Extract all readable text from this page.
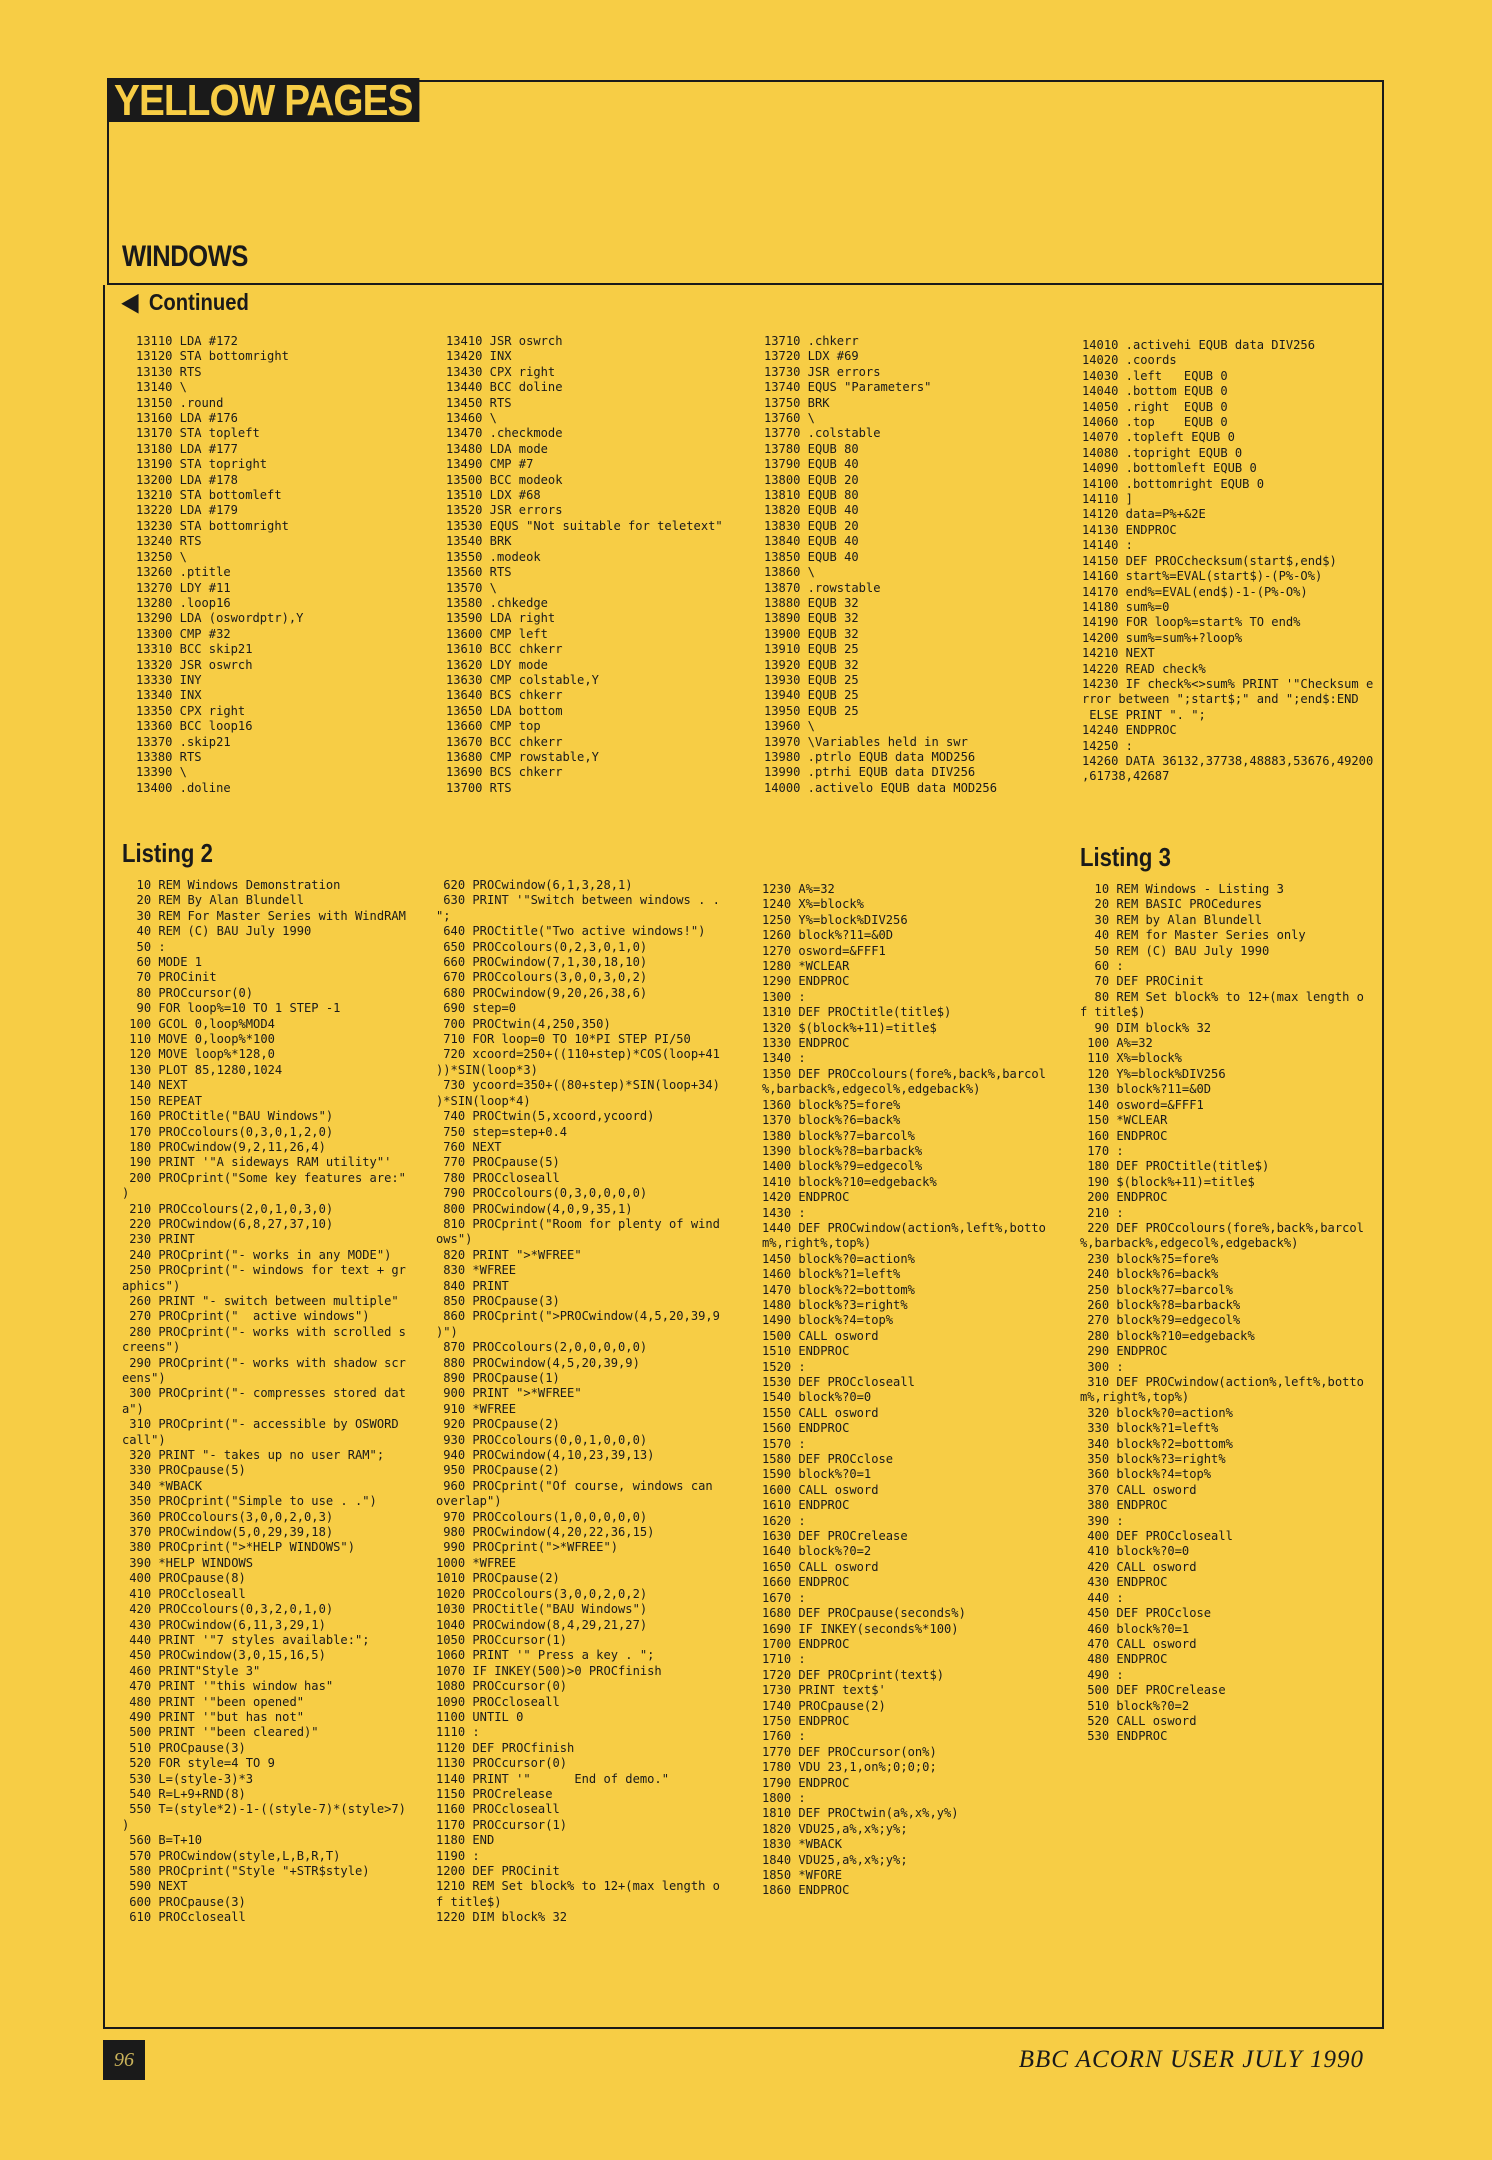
YELLOW PAGES
WINDOWS
◀ Continued
13110 LDA #172
13120 STA bottomright
13130 RTS
13140 \
13150 .round
13160 LDA #176
13170 STA topleft
13180 LDA #177
13190 STA topright
13200 LDA #178
13210 STA bottomleft
13220 LDA #179
13230 STA bottomright
13240 RTS
13250 \
13260 .ptitle
13270 LDY #11
13280 .loop16
13290 LDA (oswordptr),Y
13300 CMP #32
13310 BCC skip21
13320 JSR oswrch
13330 INY
13340 INX
13350 CPX right
13360 BCC loop16
13370 .skip21
13380 RTS
13390 \
13400 .doline
13410 JSR oswrch
13420 INX
13430 CPX right
13440 BCC doline
13450 RTS
13460 \
13470 .checkmode
13480 LDA mode
13490 CMP #7
13500 BCC modeok
13510 LDX #68
13520 JSR errors
13530 EQUS "Not suitable for teletext"
13540 BRK
13550 .modeok
13560 RTS
13570 \
13580 .chkedge
13590 LDA right
13600 CMP left
13610 BCC chkerr
13620 LDY mode
13630 CMP colstable,Y
13640 BCS chkerr
13650 LDA bottom
13660 CMP top
13670 BCC chkerr
13680 CMP rowstable,Y
13690 BCS chkerr
13700 RTS
13710 .chkerr
13720 LDX #69
13730 JSR errors
13740 EQUS "Parameters"
13750 BRK
13760 \
13770 .colstable
13780 EQUB 80
13790 EQUB 40
13800 EQUB 20
13810 EQUB 80
13820 EQUB 40
13830 EQUB 20
13840 EQUB 40
13850 EQUB 40
13860 \
13870 .rowstable
13880 EQUB 32
13890 EQUB 32
13900 EQUB 32
13910 EQUB 25
13920 EQUB 32
13930 EQUB 25
13940 EQUB 25
13950 EQUB 25
13960 \
13970 \Variables held in swr
13980 .ptrlo EQUB data MOD256
13990 .ptrhi EQUB data DIV256
14000 .activelo EQUB data MOD256
14010 .activehi EQUB data DIV256
14020 .coords
14030 .left   EQUB 0
14040 .bottom EQUB 0
14050 .right  EQUB 0
14060 .top    EQUB 0
14070 .topleft EQUB 0
14080 .topright EQUB 0
14090 .bottomleft EQUB 0
14100 .bottomright EQUB 0
14110 ]
14120 data=P%+&2E
14130 ENDPROC
14140 :
14150 DEF PROCchecksum(start$,end$)
14160 start%=EVAL(start$)-(P%-O%)
14170 end%=EVAL(end$)-1-(P%-O%)
14180 sum%=0
14190 FOR loop%=start% TO end%
14200 sum%=sum%+?loop%
14210 NEXT
14220 READ check%
14230 IF check%<>sum% PRINT '"Checksum e
rror between ";start$;" and ";end$:END
ELSE PRINT ". ";
14240 ENDPROC
14250 :
14260 DATA 36132,37738,48883,53676,49200
,61738,42687
Listing 2	Listing 3
10 REM Windows Demonstration
20 REM By Alan Blundell
30 REM For Master Series with WindRAM
40 REM (C) BAU July 1990
50 :
60 MODE 1
70 PROCinit
80 PROCcursor(0)
90 FOR loop%=10 TO 1 STEP -1
100 GCOL 0,loop%MOD4
110 MOVE 0,loop%*100
120 MOVE loop%*128,0
130 PLOT 85,1280,1024
140 NEXT
150 REPEAT
160 PROCtitle("BAU Windows")
170 PROCcolours(0,3,0,1,2,0)
180 PROCwindow(9,2,11,26,4)
190 PRINT '"A sideways RAM utility"'
200 PROCprint("Some key features are:"
)
210 PROCcolours(2,0,1,0,3,0)
220 PROCwindow(6,8,27,37,10)
230 PRINT
240 PROCprint("- works in any MODE")
250 PROCprint("- windows for text + gr
aphics")
260 PRINT "- switch between multiple"
270 PROCprint("  active windows")
280 PROCprint("- works with scrolled s
creens")
290 PROCprint("- works with shadow scr
eens")
300 PROCprint("- compresses stored dat
a")
310 PROCprint("- accessible by OSWORD
call")
320 PRINT "- takes up no user RAM";
330 PROCpause(5)
340 *WBACK
350 PROCprint("Simple to use . .")
360 PROCcolours(3,0,0,2,0,3)
370 PROCwindow(5,0,29,39,18)
380 PROCprint(">*HELP WINDOWS")
390 *HELP WINDOWS
400 PROCpause(8)
410 PROCcloseall
420 PROCcolours(0,3,2,0,1,0)
430 PROCwindow(6,11,3,29,1)
440 PRINT '"7 styles available:";
450 PROCwindow(3,0,15,16,5)
460 PRINT"Style 3"
470 PRINT '"this window has"
480 PRINT '"been opened"
490 PRINT '"but has not"
500 PRINT '"been cleared)"
510 PROCpause(3)
520 FOR style=4 TO 9
530 L=(style-3)*3
540 R=L+9+RND(8)
550 T=(style*2)-1-((style-7)*(style>7)
)
560 B=T+10
570 PROCwindow(style,L,B,R,T)
580 PROCprint("Style "+STR$style)
590 NEXT
600 PROCpause(3)
610 PROCcloseall
620 PROCwindow(6,1,3,28,1)
630 PRINT '"Switch between windows . .
";
640 PROCtitle("Two active windows!")
650 PROCcolours(0,2,3,0,1,0)
660 PROCwindow(7,1,30,18,10)
670 PROCcolours(3,0,0,3,0,2)
680 PROCwindow(9,20,26,38,6)
690 step=0
700 PROCtwin(4,250,350)
710 FOR loop=0 TO 10*PI STEP PI/50
720 xcoord=250+((110+step)*COS(loop+41
))*SIN(loop*3)
730 ycoord=350+((80+step)*SIN(loop+34)
)*SIN(loop*4)
740 PROCtwin(5,xcoord,ycoord)
750 step=step+0.4
760 NEXT
770 PROCpause(5)
780 PROCcloseall
790 PROCcolours(0,3,0,0,0,0)
800 PROCwindow(4,0,9,35,1)
810 PROCprint("Room for plenty of wind
ows")
820 PRINT ">*WFREE"
830 *WFREE
840 PRINT
850 PROCpause(3)
860 PROCprint(">PROCwindow(4,5,20,39,9
)")
870 PROCcolours(2,0,0,0,0,0)
880 PROCwindow(4,5,20,39,9)
890 PROCpause(1)
900 PRINT ">*WFREE"
910 *WFREE
920 PROCpause(2)
930 PROCcolours(0,0,1,0,0,0)
940 PROCwindow(4,10,23,39,13)
950 PROCpause(2)
960 PROCprint("Of course, windows can
overlap")
970 PROCcolours(1,0,0,0,0,0)
980 PROCwindow(4,20,22,36,15)
990 PROCprint(">*WFREE")
1000 *WFREE
1010 PROCpause(2)
1020 PROCcolours(3,0,0,2,0,2)
1030 PROCtitle("BAU Windows")
1040 PROCwindow(8,4,29,21,27)
1050 PROCcursor(1)
1060 PRINT '" Press a key . ";
1070 IF INKEY(500)>0 PROCfinish
1080 PROCcursor(0)
1090 PROCcloseall
1100 UNTIL 0
1110 :
1120 DEF PROCfinish
1130 PROCcursor(0)
1140 PRINT '"      End of demo."
1150 PROCrelease
1160 PROCcloseall
1170 PROCcursor(1)
1180 END
1190 :
1200 DEF PROCinit
1210 REM Set block% to 12+(max length o
f title$)
1220 DIM block% 32
1230 A%=32
1240 X%=block%
1250 Y%=block%DIV256
1260 block%?11=&0D
1270 osword=&FFF1
1280 *WCLEAR
1290 ENDPROC
1300 :
1310 DEF PROCtitle(title$)
1320 $(block%+11)=title$
1330 ENDPROC
1340 :
1350 DEF PROCcolours(fore%,back%,barcol
%,barback%,edgecol%,edgeback%)
1360 block%?5=fore%
1370 block%?6=back%
1380 block%?7=barcol%
1390 block%?8=barback%
1400 block%?9=edgecol%
1410 block%?10=edgeback%
1420 ENDPROC
1430 :
1440 DEF PROCwindow(action%,left%,botto
m%,right%,top%)
1450 block%?0=action%
1460 block%?1=left%
1470 block%?2=bottom%
1480 block%?3=right%
1490 block%?4=top%
1500 CALL osword
1510 ENDPROC
1520 :
1530 DEF PROCcloseall
1540 block%?0=0
1550 CALL osword
1560 ENDPROC
1570 :
1580 DEF PROCclose
1590 block%?0=1
1600 CALL osword
1610 ENDPROC
1620 :
1630 DEF PROCrelease
1640 block%?0=2
1650 CALL osword
1660 ENDPROC
1670 :
1680 DEF PROCpause(seconds%)
1690 IF INKEY(seconds%*100)
1700 ENDPROC
1710 :
1720 DEF PROCprint(text$)
1730 PRINT text$'
1740 PROCpause(2)
1750 ENDPROC
1760 :
1770 DEF PROCcursor(on%)
1780 VDU 23,1,on%;0;0;0;
1790 ENDPROC
1800 :
1810 DEF PROCtwin(a%,x%,y%)
1820 VDU25,a%,x%;y%;
1830 *WBACK
1840 VDU25,a%,x%;y%;
1850 *WFORE
1860 ENDPROC
10 REM Windows - Listing 3
20 REM BASIC PROCedures
30 REM by Alan Blundell
40 REM for Master Series only
50 REM (C) BAU July 1990
60 :
70 DEF PROCinit
80 REM Set block% to 12+(max length o
f title$)
90 DIM block% 32
100 A%=32
110 X%=block%
120 Y%=block%DIV256
130 block%?11=&0D
140 osword=&FFF1
150 *WCLEAR
160 ENDPROC
170 :
180 DEF PROCtitle(title$)
190 $(block%+11)=title$
200 ENDPROC
210 :
220 DEF PROCcolours(fore%,back%,barcol
%,barback%,edgecol%,edgeback%)
230 block%?5=fore%
240 block%?6=back%
250 block%?7=barcol%
260 block%?8=barback%
270 block%?9=edgecol%
280 block%?10=edgeback%
290 ENDPROC
300 :
310 DEF PROCwindow(action%,left%,botto
m%,right%,top%)
320 block%?0=action%
330 block%?1=left%
340 block%?2=bottom%
350 block%?3=right%
360 block%?4=top%
370 CALL osword
380 ENDPROC
390 :
400 DEF PROCcloseall
410 block%?0=0
420 CALL osword
430 ENDPROC
440 :
450 DEF PROCclose
460 block%?0=1
470 CALL osword
480 ENDPROC
490 :
500 DEF PROCrelease
510 block%?0=2
520 CALL osword
530 ENDPROC
96	BBC ACORN USER JULY 1990
